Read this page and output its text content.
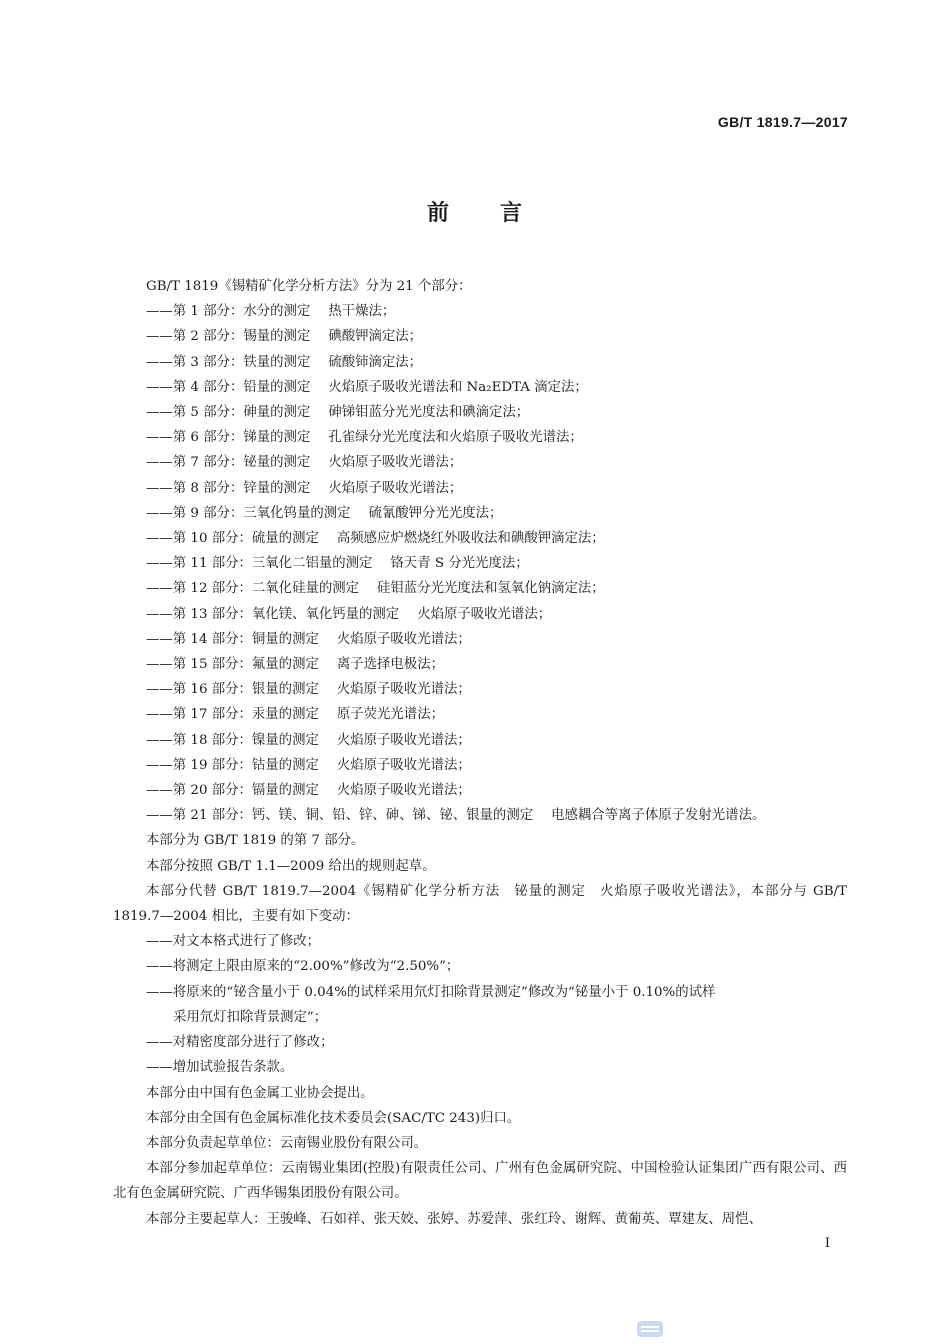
GB/T 1819.7—2017
前 言

GB/T 1819《锡精矿化学分析方法》分为 21 个部分：

——第 1 部分：水分的测定 热干燥法；

——第 2 部分：锡量的测定 碘酸钾滴定法；

——第 3 部分：铁量的测定 硫酸铈滴定法；

——第 4 部分：铅量的测定 火焰原子吸收光谱法和 Na₂EDTA 滴定法；

——第 5 部分：砷量的测定 砷锑钼蓝分光光度法和碘滴定法；

——第 6 部分：锑量的测定 孔雀绿分光光度法和火焰原子吸收光谱法；

——第 7 部分：铋量的测定 火焰原子吸收光谱法；

——第 8 部分：锌量的测定 火焰原子吸收光谱法；

——第 9 部分：三氧化钨量的测定 硫氰酸钾分光光度法；

——第 10 部分：硫量的测定 高频感应炉燃烧红外吸收法和碘酸钾滴定法；

——第 11 部分：三氧化二铝量的测定 铬天青 S 分光光度法；

——第 12 部分：二氧化硅量的测定 硅钼蓝分光光度法和氢氧化钠滴定法；

——第 13 部分：氧化镁、氧化钙量的测定 火焰原子吸收光谱法；

——第 14 部分：铜量的测定 火焰原子吸收光谱法；

——第 15 部分：氟量的测定 离子选择电极法；

——第 16 部分：银量的测定 火焰原子吸收光谱法；

——第 17 部分：汞量的测定 原子荧光光谱法；

——第 18 部分：镍量的测定 火焰原子吸收光谱法；

——第 19 部分：钴量的测定 火焰原子吸收光谱法；

——第 20 部分：镉量的测定 火焰原子吸收光谱法；

——第 21 部分：钙、镁、铜、铅、锌、砷、锑、铋、银量的测定 电感耦合等离子体原子发射光谱法。

本部分为 GB/T 1819 的第 7 部分。

本部分按照 GB/T 1.1—2009 给出的规则起草。

本部分代替 GB/T 1819.7—2004《锡精矿化学分析方法　铋量的测定　火焰原子吸收光谱法》，本部分与 GB/T 1819.7—2004 相比，主要有如下变动：

——对文本格式进行了修改；

——将测定上限由原来的“2.00%”修改为“2.50%”；

——将原来的“铋含量小于 0.04%的试样采用氘灯扣除背景测定”修改为“铋量小于 0.10%的试样

采用氘灯扣除背景测定”；

——对精密度部分进行了修改；

——增加试验报告条款。

本部分由中国有色金属工业协会提出。

本部分由全国有色金属标准化技术委员会(SAC/TC 243)归口。

本部分负责起草单位：云南锡业股份有限公司。

本部分参加起草单位：云南锡业集团(控股)有限责任公司、广州有色金属研究院、中国检验认证集团广西有限公司、西北有色金属研究院、广西华锡集团股份有限公司。

本部分主要起草人：王骏峰、石如祥、张天姣、张婷、苏爱萍、张红玲、谢辉、黄葡英、覃建友、周恺、

I
